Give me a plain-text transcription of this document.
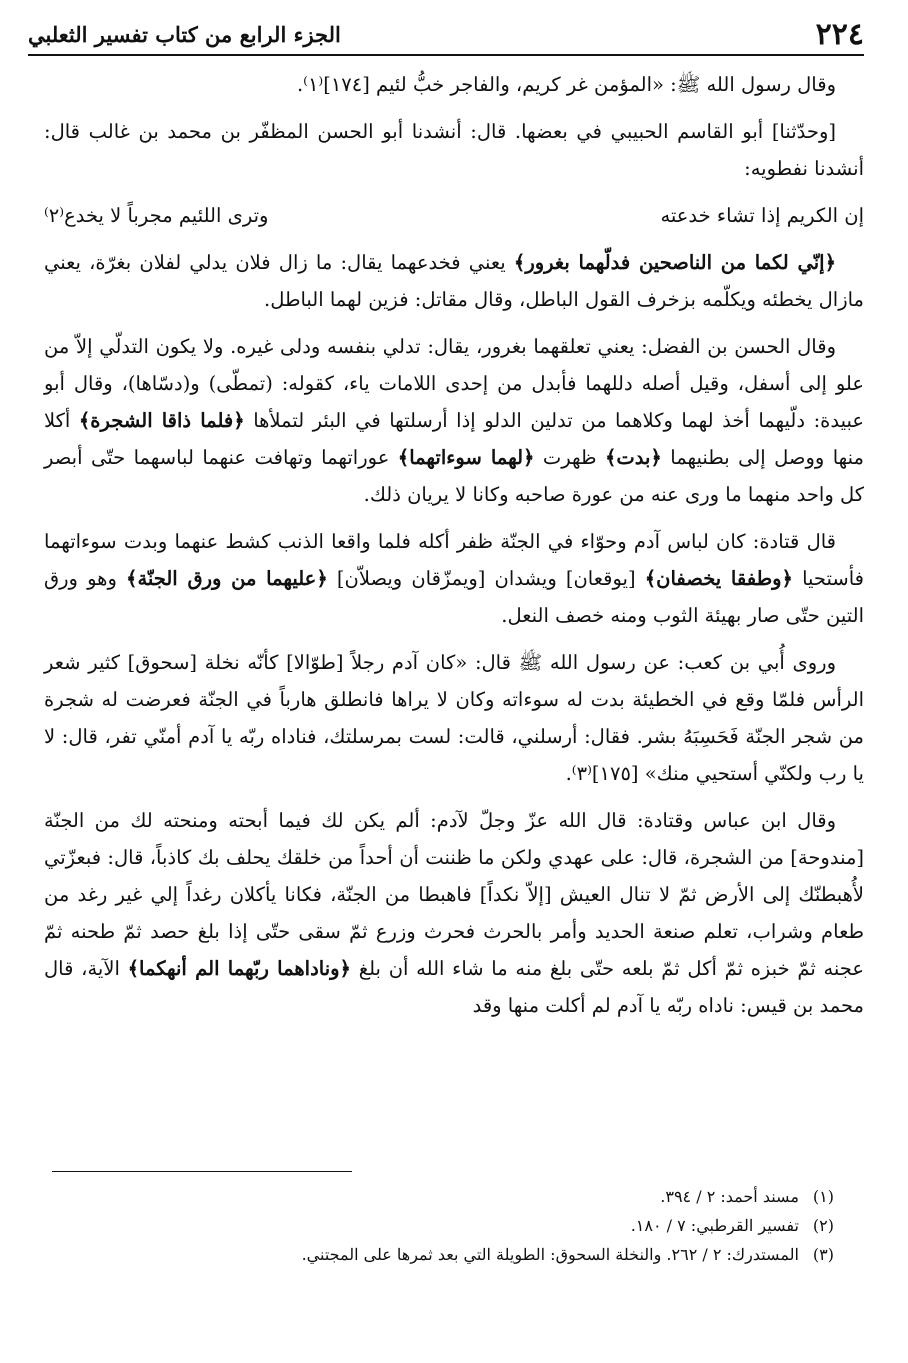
٢٢٤
الجزء الرابع من كتاب تفسير الثعلبي

وقال رسول الله ﷺ: «المؤمن غر كريم، والفاجر خبُّ لئيم [١٧٤]⁽١⁾.

[وحدّثنا] أبو القاسم الحبيبي في بعضها. قال: أنشدنا أبو الحسن المظفّر بن محمد بن غالب قال: أنشدنا نفطويه:

إن الكريم إذا تشاء خدعته
وترى اللئيم مجرباً لا يخدع⁽٢⁾

﴿إنّي لكما من الناصحين فدلّهما بغرور﴾ يعني فخدعهما يقال: ما زال فلان يدلي لفلان بغرّة، يعني مازال يخطئه ويكلّمه بزخرف القول الباطل، وقال مقاتل: فزين لهما الباطل.

وقال الحسن بن الفضل: يعني تعلقهما بغرور، يقال: تدلي بنفسه ودلى غيره. ولا يكون التدلّي إلاّ من علو إلى أسفل، وقيل أصله دللهما فأبدل من إحدى اللامات ياء، كقوله: (تمطّى) و(دسّاها)، وقال أبو عبيدة: دلّيهما أخذ لهما وكلاهما من تدلين الدلو إذا أرسلتها في البئر لتملأها ﴿فلما ذاقا الشجرة﴾ أكلا منها ووصل إلى بطنيهما ﴿بدت﴾ ظهرت ﴿لهما سوءاتهما﴾ عوراتهما وتهافت عنهما لباسهما حتّى أبصر كل واحد منهما ما ورى عنه من عورة صاحبه وكانا لا يريان ذلك.

قال قتادة: كان لباس آدم وحوّاء في الجنّة ظفر أكله فلما واقعا الذنب كشط عنهما وبدت سوءاتهما فأستحيا ﴿وطفقا يخصفان﴾ [يوقعان] ويشدان [ويمزّقان ويصلاّن] ﴿عليهما من ورق الجنّة﴾ وهو ورق التين حتّى صار بهيئة الثوب ومنه خصف النعل.

وروى أُبي بن كعب: عن رسول الله ﷺ قال: «كان آدم رجلاً [طوّالا] كأنّه نخلة [سحوق] كثير شعر الرأس فلمّا وقع في الخطيئة بدت له سوءاته وكان لا يراها فانطلق هارباً في الجنّة فعرضت له شجرة من شجر الجنّة فَحَسِبَهُ بشر. فقال: أرسلني، قالت: لست بمرسلتك، فناداه ربّه يا آدم أمنّي تفر، قال: لا يا رب ولكنّي أستحيي منك» [١٧٥]⁽٣⁾.

وقال ابن عباس وقتادة: قال الله عزّ وجلّ لآدم: ألم يكن لك فيما أبحته ومنحته لك من الجنّة [مندوحة] من الشجرة، قال: على عهدي ولكن ما ظننت أن أحداً من خلقك يحلف بك كاذباً، قال: فبعزّتي لأُهبطنّك إلى الأرض ثمّ لا تنال العيش [إلاّ نكداً] فاهبطا من الجنّة، فكانا يأكلان رغداً إلي غير رغد من طعام وشراب، تعلم صنعة الحديد وأمر بالحرث فحرث وزرع ثمّ سقى حتّى إذا بلغ حصد ثمّ طحنه ثمّ عجنه ثمّ خبزه ثمّ أكل ثمّ بلعه حتّى بلغ منه ما شاء الله أن بلغ ﴿وناداهما ربّهما الم أنهكما﴾ الآية، قال محمد بن قيس: ناداه ربّه يا آدم لم أكلت منها وقد

(١)مسند أحمد: ٢ / ٣٩٤.
(٢)تفسير القرطبي: ٧ / ١٨٠.
(٣)المستدرك: ٢ / ٢٦٢. والنخلة السحوق: الطويلة التي بعد ثمرها على المجتني.
